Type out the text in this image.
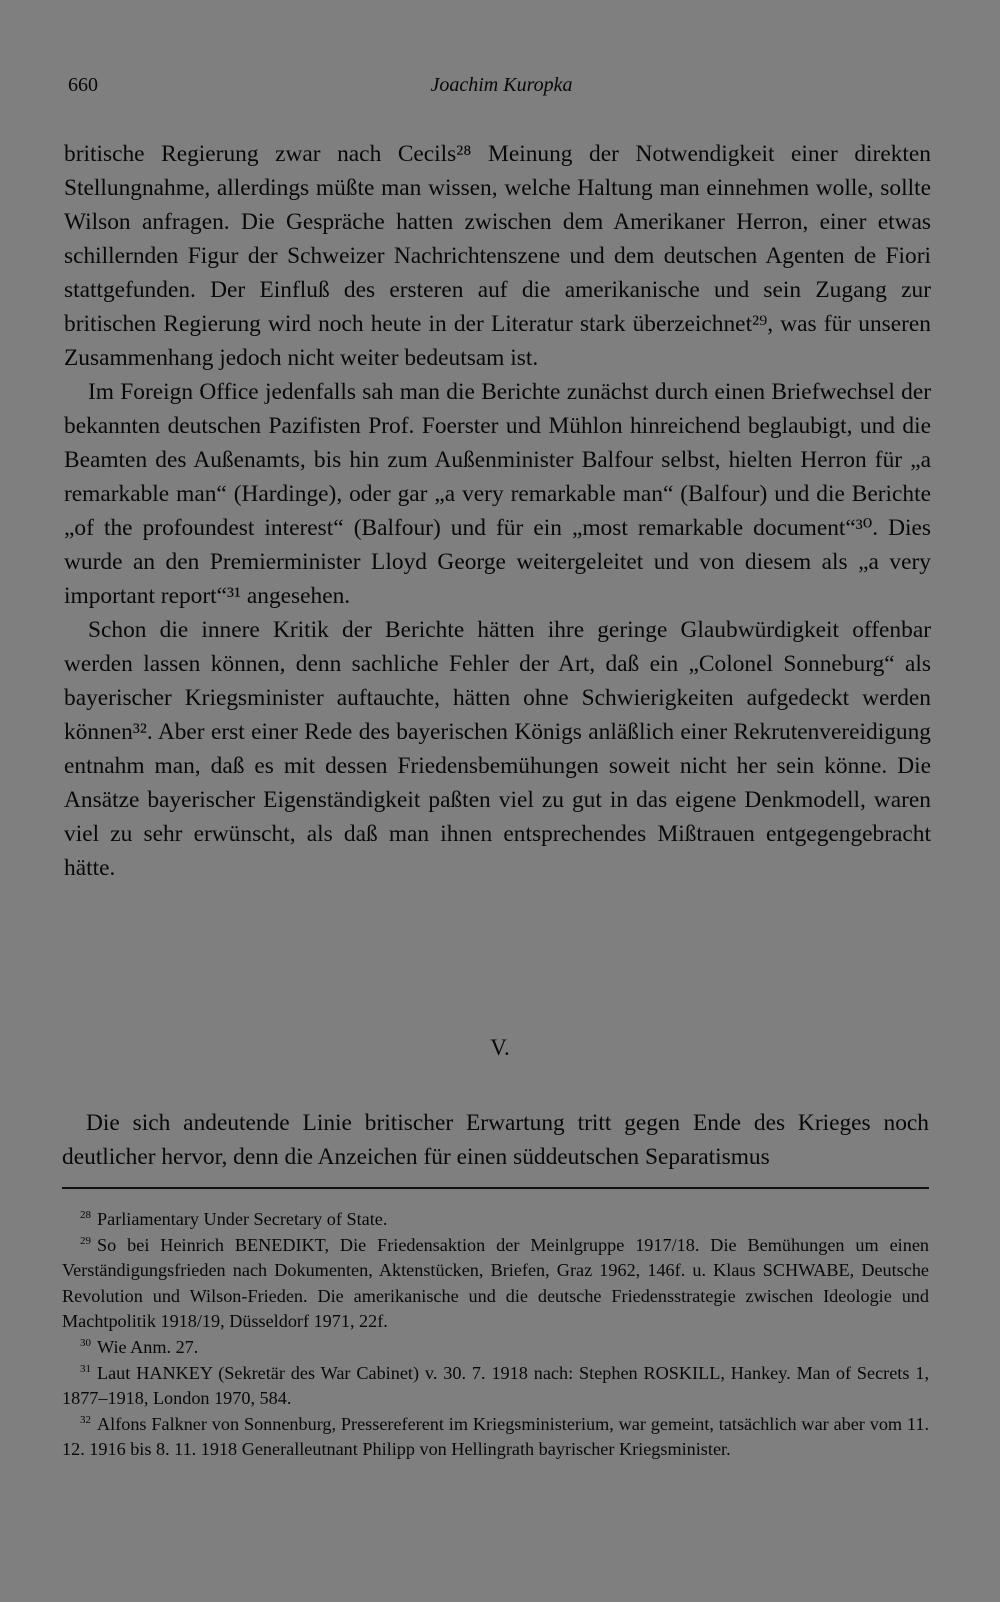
660	Joachim Kuropka

britische Regierung zwar nach Cecils²⁸ Meinung der Notwendigkeit einer direkten Stellungnahme, allerdings müßte man wissen, welche Haltung man einnehmen wolle, sollte Wilson anfragen. Die Gespräche hatten zwischen dem Amerikaner Herron, einer etwas schillernden Figur der Schweizer Nachrichtenszene und dem deutschen Agenten de Fiori stattgefunden. Der Einfluß des ersteren auf die amerikanische und sein Zugang zur britischen Regierung wird noch heute in der Literatur stark überzeichnet²⁹, was für unseren Zusammenhang jedoch nicht weiter bedeutsam ist.

Im Foreign Office jedenfalls sah man die Berichte zunächst durch einen Briefwechsel der bekannten deutschen Pazifisten Prof. Foerster und Mühlon hinreichend beglaubigt, und die Beamten des Außenamts, bis hin zum Außenminister Balfour selbst, hielten Herron für „a remarkable man“ (Hardinge), oder gar „a very remarkable man“ (Balfour) und die Berichte „of the profoundest interest“ (Balfour) und für ein „most remarkable document“³⁰. Dies wurde an den Premierminister Lloyd George weitergeleitet und von diesem als „a very important report“³¹ angesehen.

Schon die innere Kritik der Berichte hätten ihre geringe Glaubwürdigkeit offenbar werden lassen können, denn sachliche Fehler der Art, daß ein „Colonel Sonneburg“ als bayerischer Kriegsminister auftauchte, hätten ohne Schwierigkeiten aufgedeckt werden können³². Aber erst einer Rede des bayerischen Königs anläßlich einer Rekrutenvereidigung entnahm man, daß es mit dessen Friedensbemühungen soweit nicht her sein könne. Die Ansätze bayerischer Eigenständigkeit paßten viel zu gut in das eigene Denkmodell, waren viel zu sehr erwünscht, als daß man ihnen entsprechendes Mißtrauen entgegengebracht hätte.

V.

Die sich andeutende Linie britischer Erwartung tritt gegen Ende des Krieges noch deutlicher hervor, denn die Anzeichen für einen süddeutschen Separatismus

$^{28}$ Parliamentary Under Secretary of State.

$^{29}$ So bei Heinrich BENEDIKT, Die Friedensaktion der Meinlgruppe 1917/18. Die Bemühungen um einen Verständigungsfrieden nach Dokumenten, Aktenstücken, Briefen, Graz 1962, 146f. u. Klaus SCHWABE, Deutsche Revolution und Wilson-Frieden. Die amerikanische und die deutsche Friedensstrategie zwischen Ideologie und Machtpolitik 1918/19, Düsseldorf 1971, 22f.

$^{30}$ Wie Anm. 27.

$^{31}$ Laut HANKEY (Sekretär des War Cabinet) v. 30. 7. 1918 nach: Stephen ROSKILL, Hankey. Man of Secrets 1, 1877–1918, London 1970, 584.

$^{32}$ Alfons Falkner von Sonnenburg, Pressereferent im Kriegsministerium, war gemeint, tatsächlich war aber vom 11. 12. 1916 bis 8. 11. 1918 Generalleutnant Philipp von Hellingrath bayrischer Kriegsminister.
